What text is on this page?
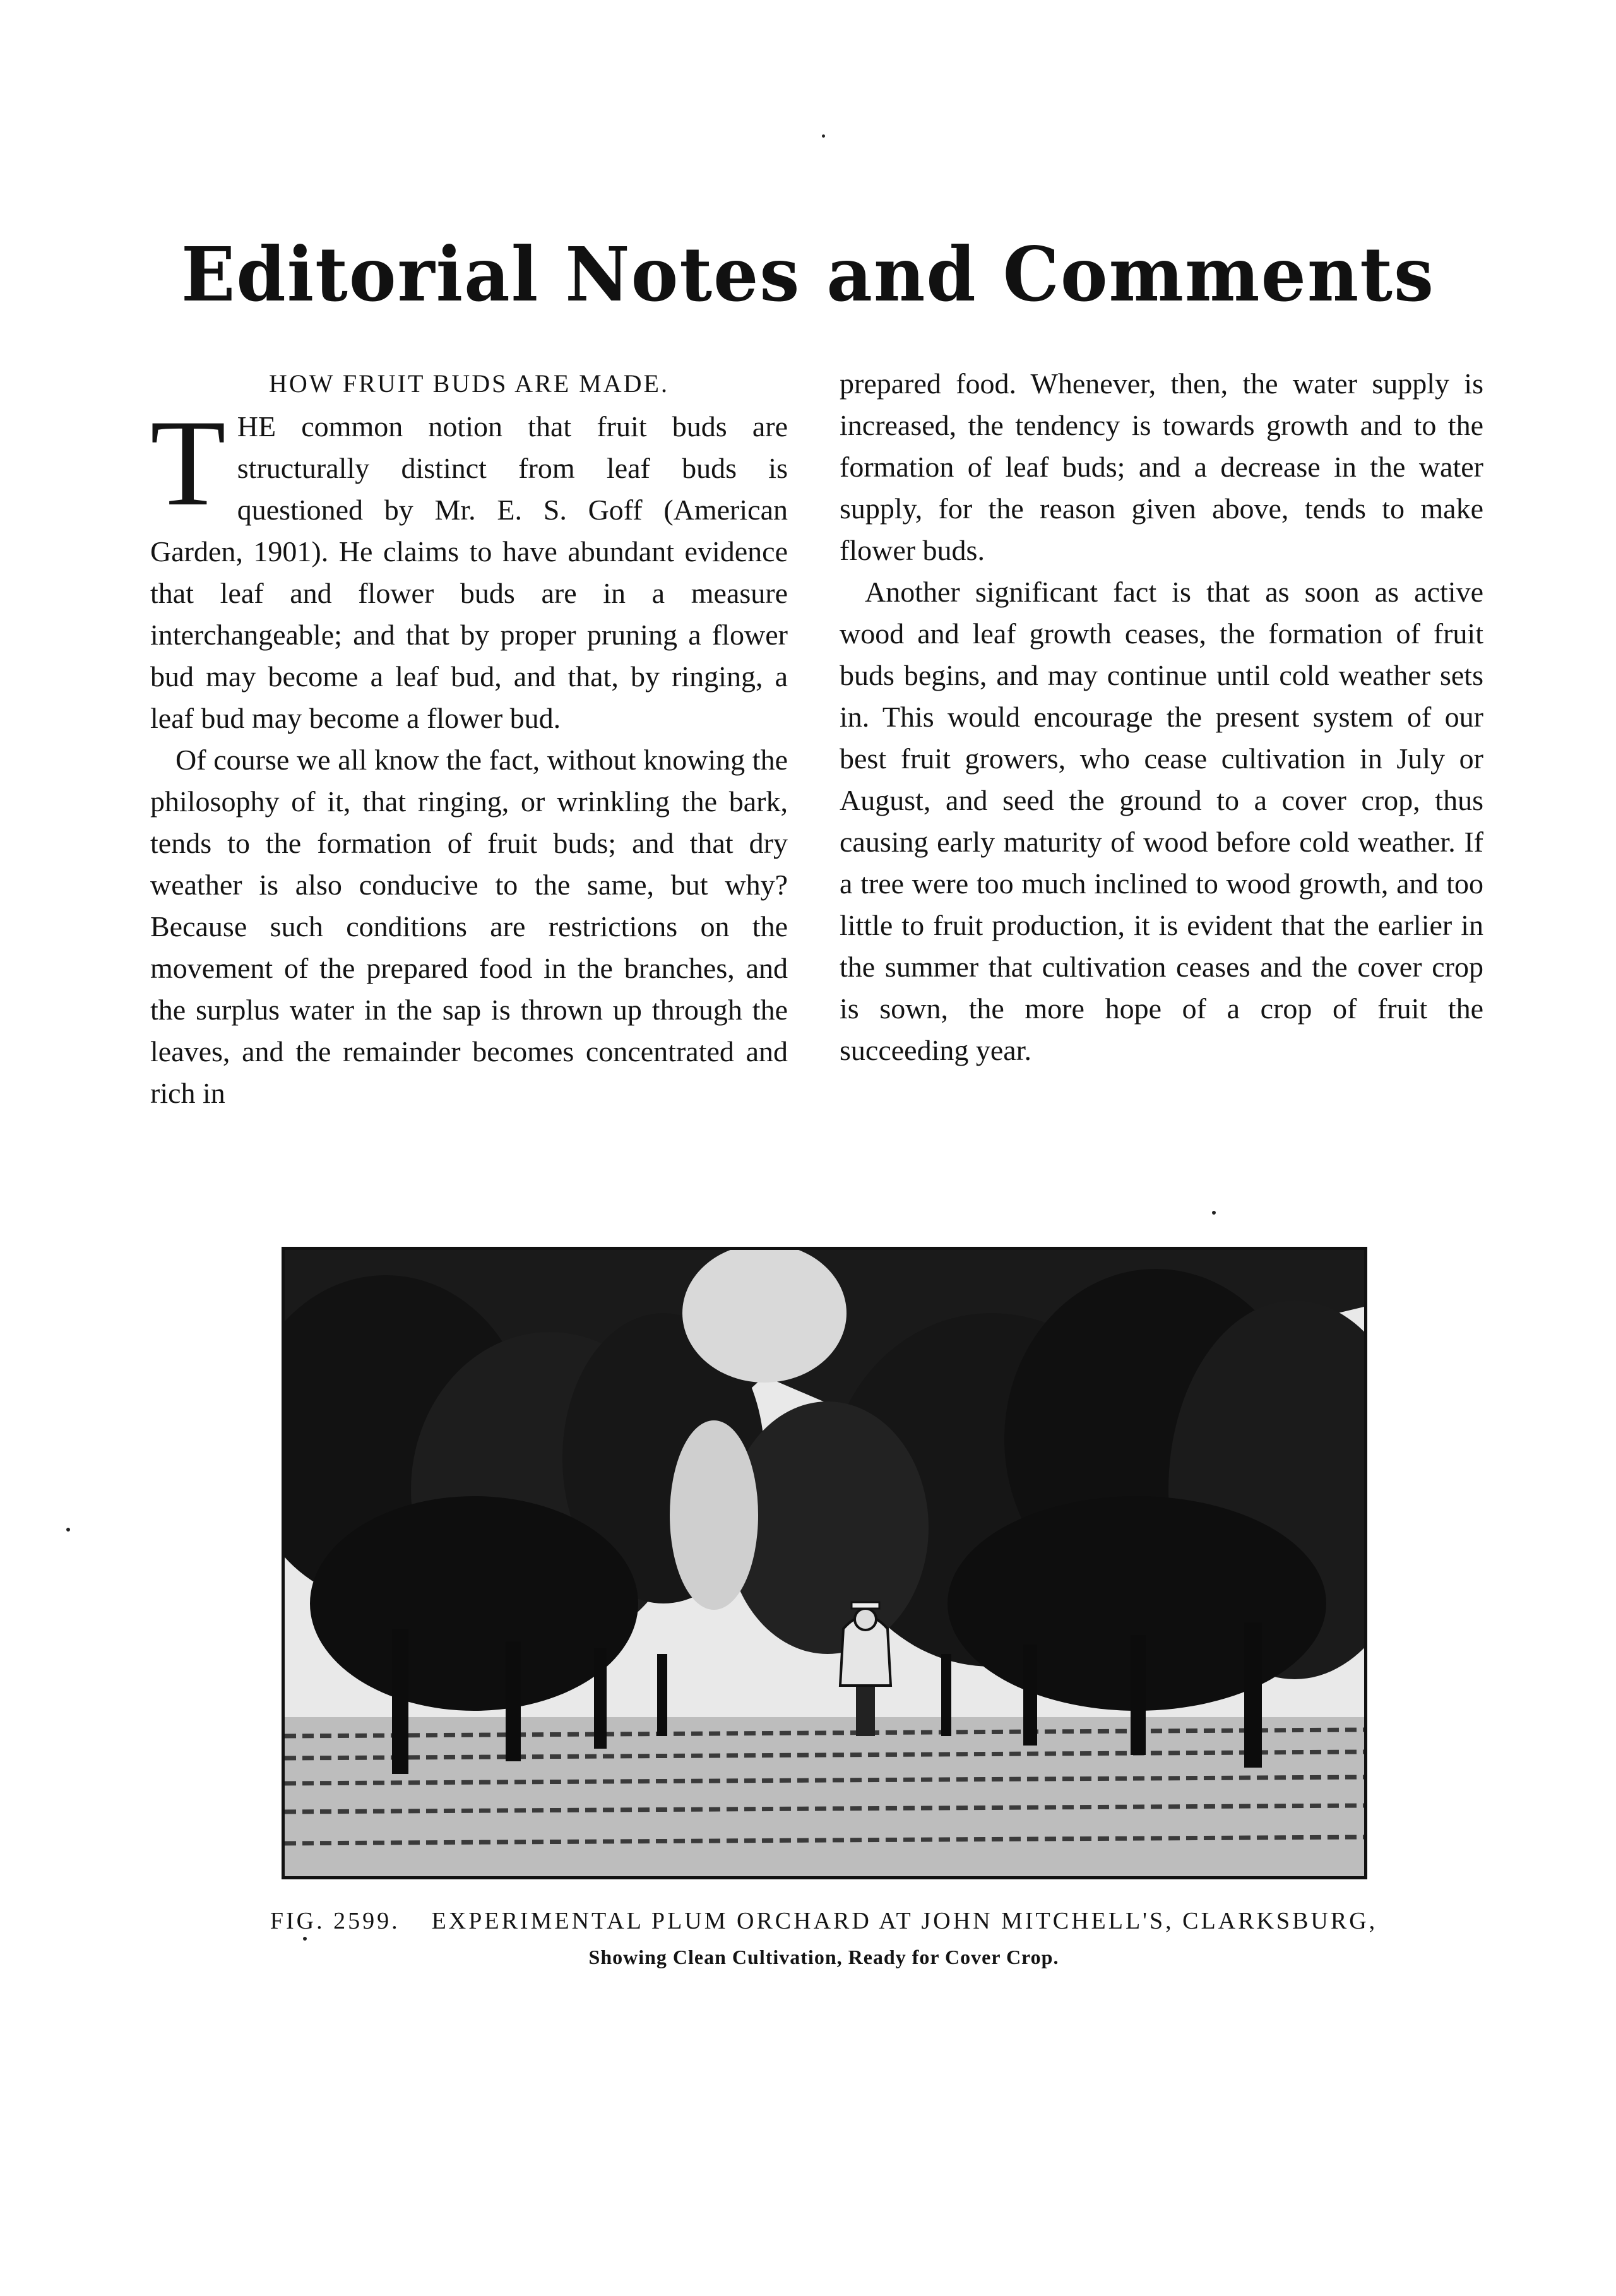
Editorial Notes and Comments
HOW FRUIT BUDS ARE MADE.

THE common notion that fruit buds are structurally distinct from leaf buds is questioned by Mr. E. S. Goff (American Garden, 1901). He claims to have abundant evidence that leaf and flower buds are in a measure interchangeable; and that by proper pruning a flower bud may become a leaf bud, and that, by ringing, a leaf bud may become a flower bud.

Of course we all know the fact, without knowing the philosophy of it, that ringing, or wrinkling the bark, tends to the formation of fruit buds; and that dry weather is also conducive to the same, but why? Because such conditions are restrictions on the movement of the prepared food in the branches, and the surplus water in the sap is thrown up through the leaves, and the remainder becomes concentrated and rich in

prepared food. Whenever, then, the water supply is increased, the tendency is towards growth and to the formation of leaf buds; and a decrease in the water supply, for the reason given above, tends to make flower buds.

Another significant fact is that as soon as active wood and leaf growth ceases, the formation of fruit buds begins, and may continue until cold weather sets in. This would encourage the present system of our best fruit growers, who cease cultivation in July or August, and seed the ground to a cover crop, thus causing early maturity of wood before cold weather. If a tree were too much inclined to wood growth, and too little to fruit production, it is evident that the earlier in the summer that cultivation ceases and the cover crop is sown, the more hope of a crop of fruit the succeeding year.

FIG. 2599. EXPERIMENTAL PLUM ORCHARD AT JOHN MITCHELL'S, CLARKSBURG,
Showing Clean Cultivation, Ready for Cover Crop.
